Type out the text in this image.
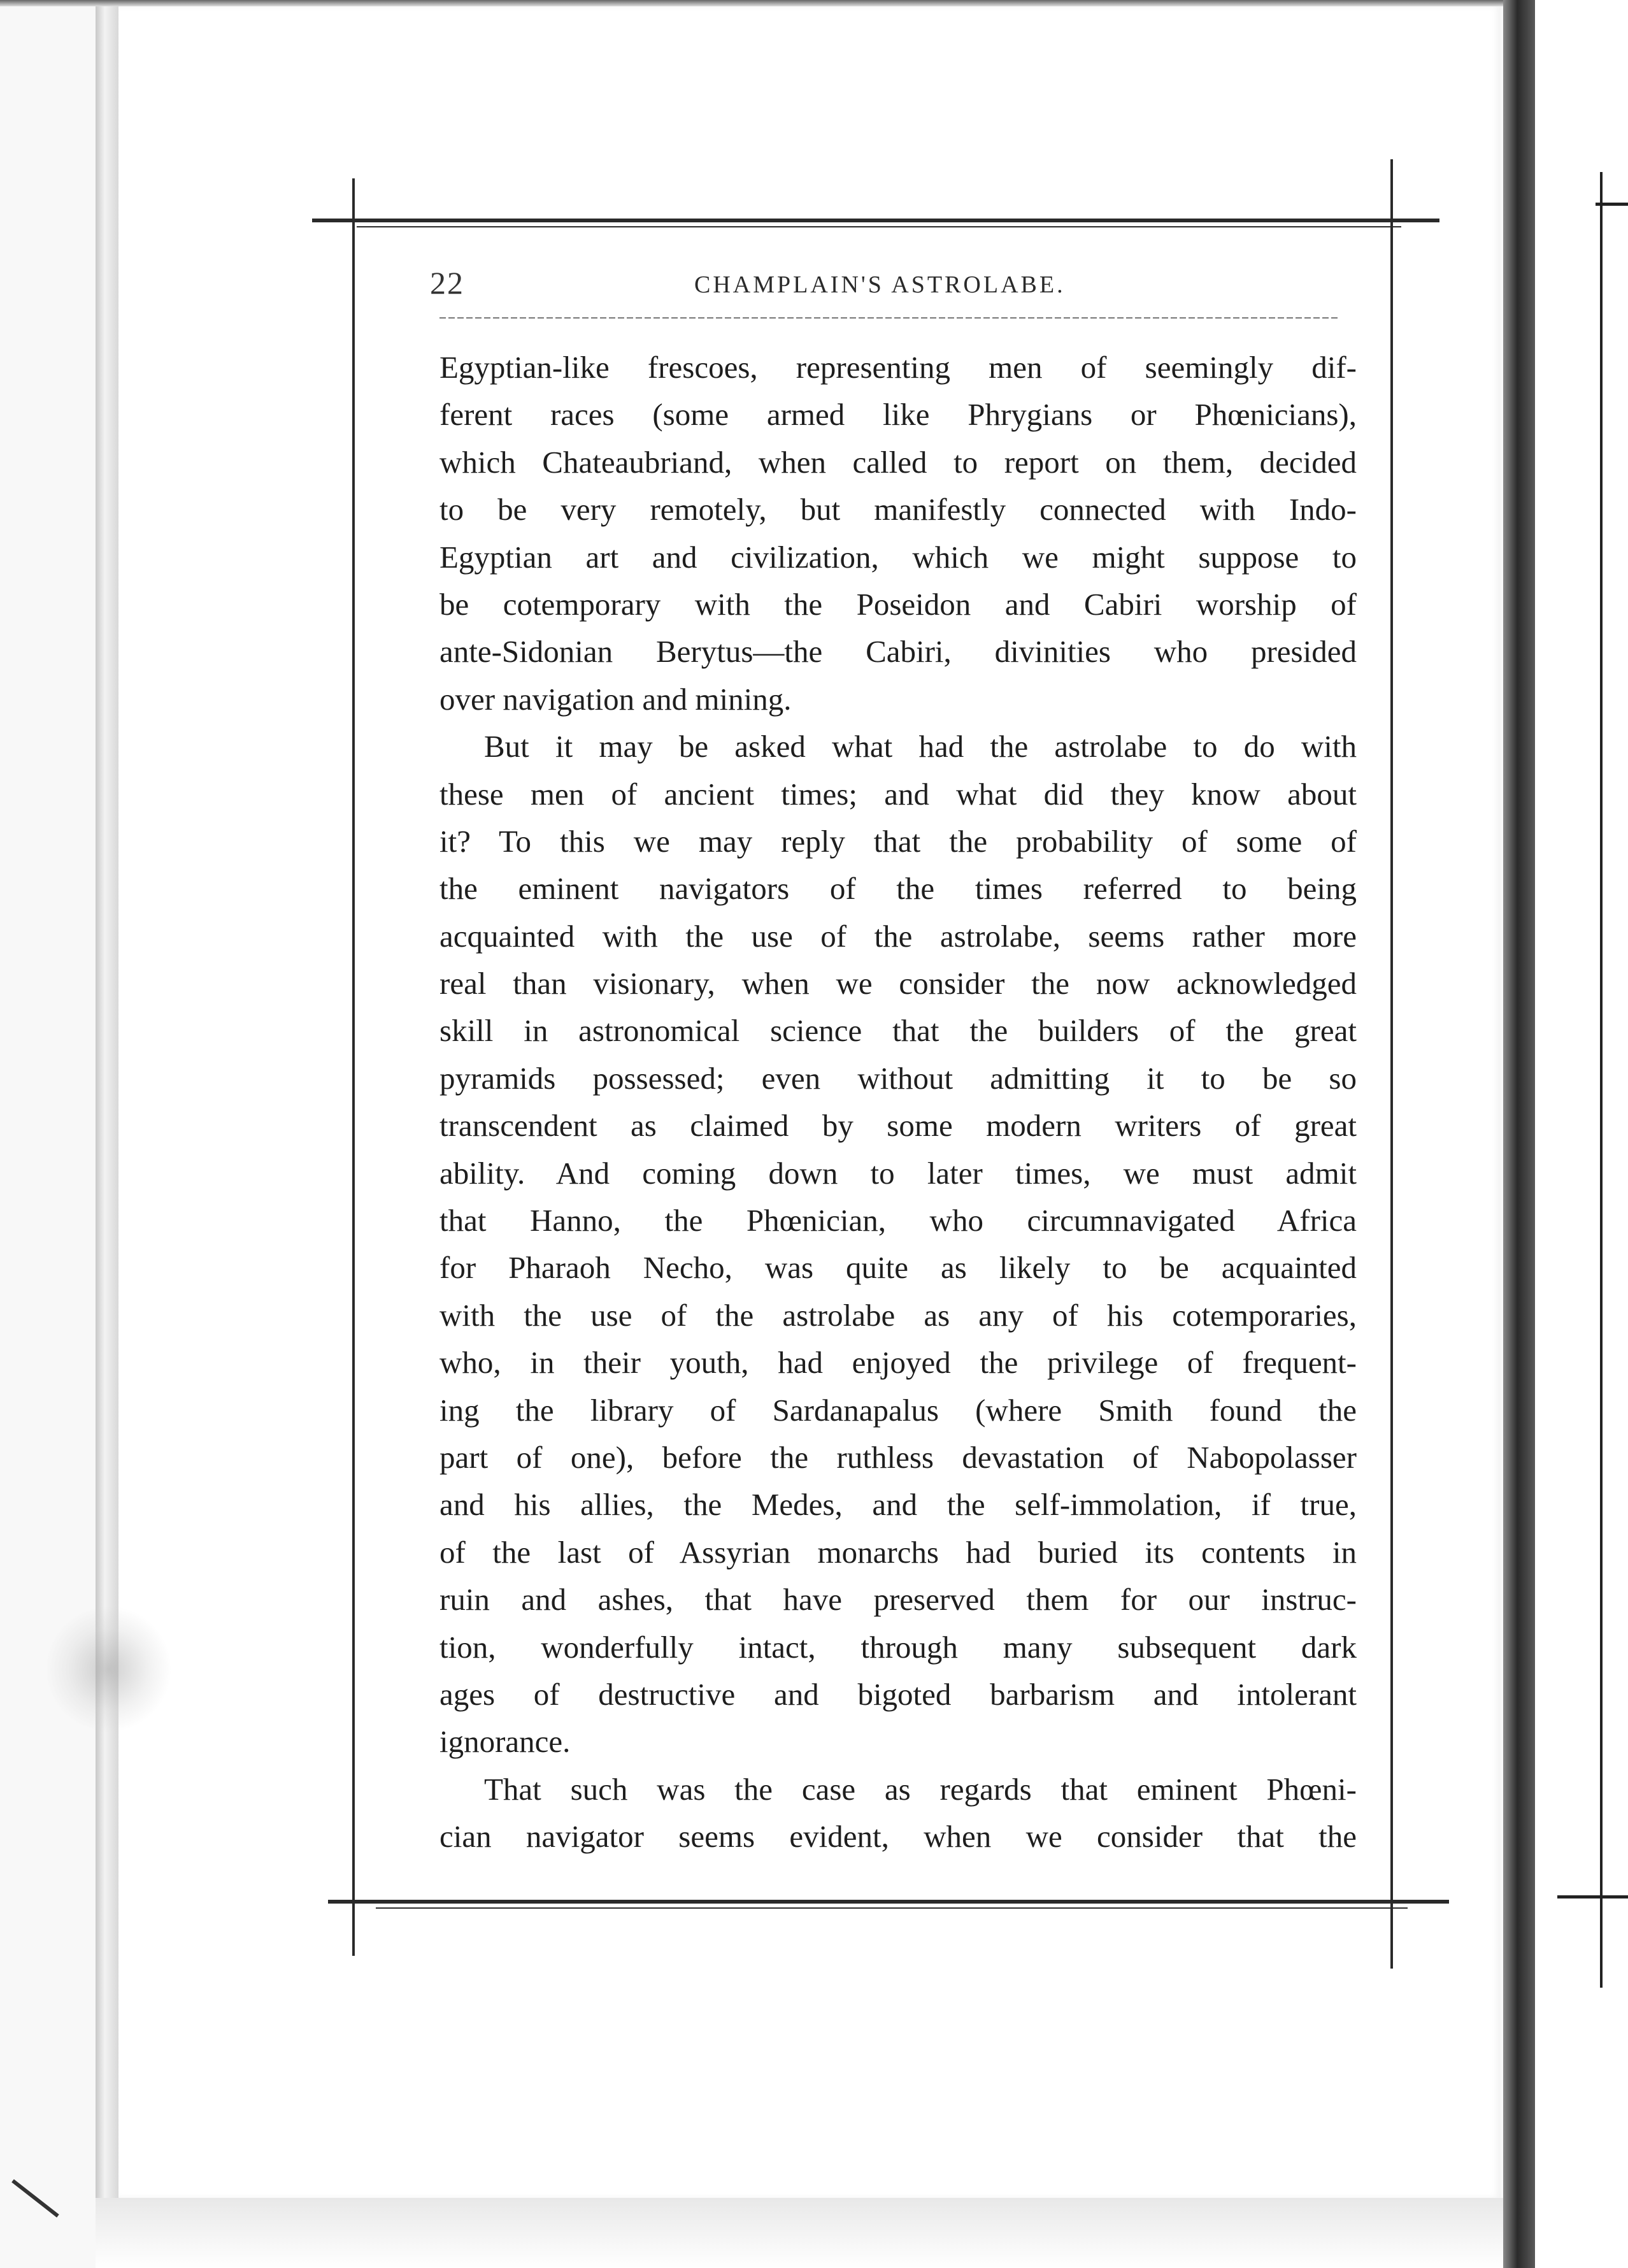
22	CHAMPLAIN'S ASTROLABE.
Egyptian-like frescoes, representing men of seemingly dif-
ferent races (some armed like Phrygians or Phœnicians),
which Chateaubriand, when called to report on them, decided
to be very remotely, but manifestly connected with Indo-
Egyptian art and civilization, which we might suppose to
be cotemporary with the Poseidon and Cabiri worship of
ante-Sidonian Berytus—the Cabiri, divinities who presided
over navigation and mining.
But it may be asked what had the astrolabe to do with
these men of ancient times; and what did they know about
it? To this we may reply that the probability of some of
the eminent navigators of the times referred to being
acquainted with the use of the astrolabe, seems rather more
real than visionary, when we consider the now acknowledged
skill in astronomical science that the builders of the great
pyramids possessed; even without admitting it to be so
transcendent as claimed by some modern writers of great
ability. And coming down to later times, we must admit
that Hanno, the Phœnician, who circumnavigated Africa
for Pharaoh Necho, was quite as likely to be acquainted
with the use of the astrolabe as any of his cotemporaries,
who, in their youth, had enjoyed the privilege of frequent-
ing the library of Sardanapalus (where Smith found the
part of one), before the ruthless devastation of Nabopolasser
and his allies, the Medes, and the self-immolation, if true,
of the last of Assyrian monarchs had buried its contents in
ruin and ashes, that have preserved them for our instruc-
tion, wonderfully intact, through many subsequent dark
ages of destructive and bigoted barbarism and intolerant
ignorance.
That such was the case as regards that eminent Phœni-
cian navigator seems evident, when we consider that the
